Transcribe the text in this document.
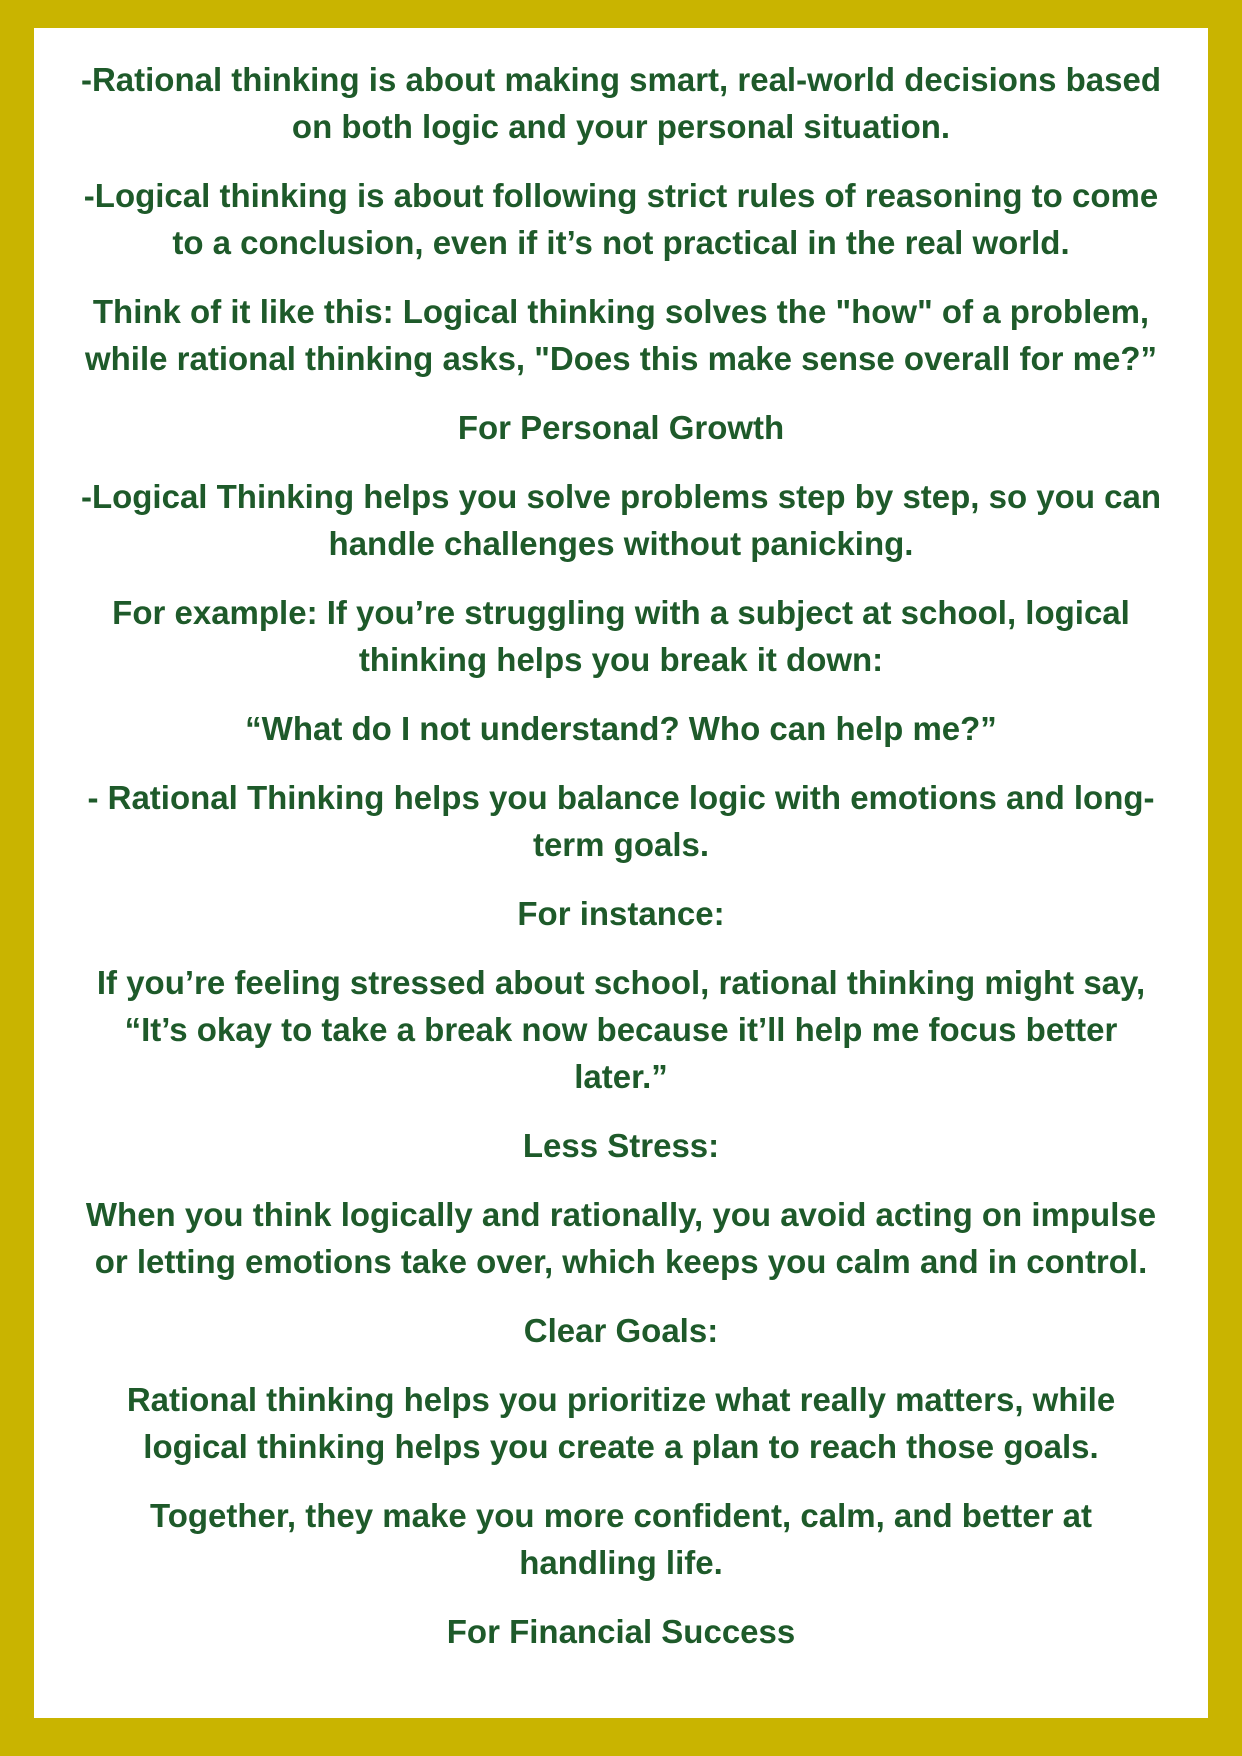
-Rational thinking is about making smart, real-world decisions based
on both logic and your personal situation.

-Logical thinking is about following strict rules of reasoning to come
to a conclusion, even if it’s not practical in the real world.

Think of it like this: Logical thinking solves the "how" of a problem,
while rational thinking asks, "Does this make sense overall for me?”

For Personal Growth

-Logical Thinking helps you solve problems step by step, so you can
handle challenges without panicking.

For example: If you’re struggling with a subject at school, logical
thinking helps you break it down:

“What do I not understand? Who can help me?”

- Rational Thinking helps you balance logic with emotions and long-
term goals.

For instance:

If you’re feeling stressed about school, rational thinking might say,
“It’s okay to take a break now because it’ll help me focus better
later.”

Less Stress:

When you think logically and rationally, you avoid acting on impulse
or letting emotions take over, which keeps you calm and in control.

Clear Goals:

Rational thinking helps you prioritize what really matters, while
logical thinking helps you create a plan to reach those goals.

Together, they make you more confident, calm, and better at
handling life.

For Financial Success
